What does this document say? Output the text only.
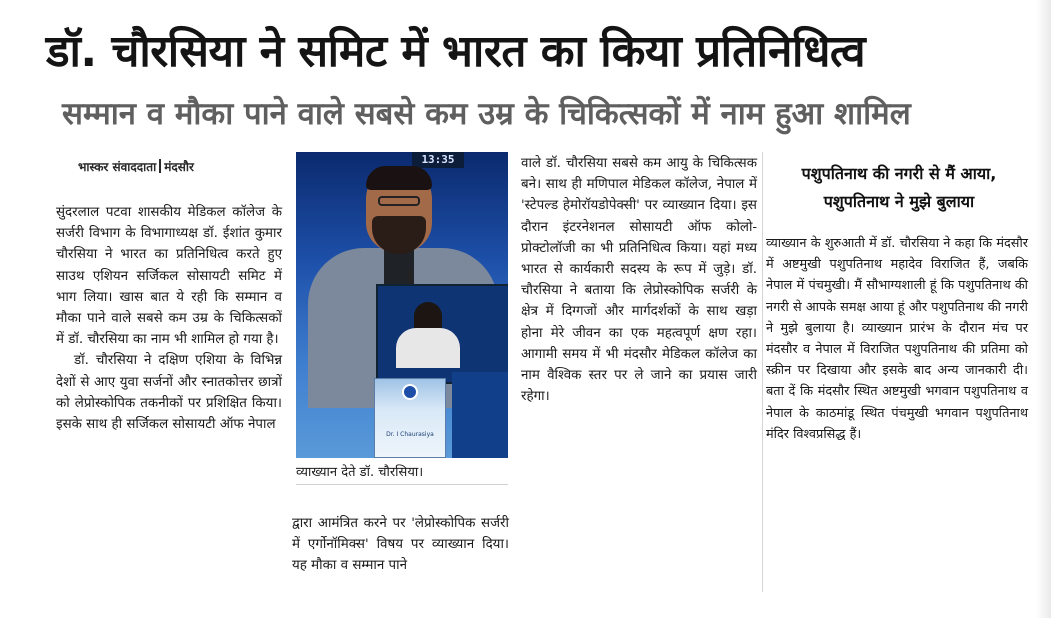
डॉ. चौरसिया ने समिट में भारत का किया प्रतिनिधित्व
सम्मान व मौका पाने वाले सबसे कम उम्र के चिकित्सकों में नाम हुआ शामिल
भास्कर संवाददाता मंदसौर

सुंदरलाल पटवा शासकीय मेडिकल कॉलेज के सर्जरी विभाग के विभागाध्यक्ष डॉ. ईशांत कुमार चौरसिया ने भारत का प्रतिनिधित्व करते हुए साउथ एशियन सर्जिकल सोसायटी समिट में भाग लिया। खास बात ये रही कि सम्मान व मौका पाने वाले सबसे कम उम्र के चिकित्सकों में डॉ. चौरसिया का नाम भी शामिल हो गया है।

डॉ. चौरसिया ने दक्षिण एशिया के विभिन्न देशों से आए युवा सर्जनों और स्नातकोत्तर छात्रों को लेप्रोस्कोपिक तकनीकों पर प्रशिक्षित किया। इसके साथ ही सर्जिकल सोसायटी ऑफ नेपाल

13:35
Dr. I Chaurasiya
व्याख्यान देते डॉ. चौरसिया।

द्वारा आमंत्रित करने पर 'लेप्रोस्कोपिक सर्जरी में एर्गोनॉमिक्स' विषय पर व्याख्यान दिया। यह मौका व सम्मान पाने

वाले डॉ. चौरसिया सबसे कम आयु के चिकित्सक बने। साथ ही मणिपाल मेडिकल कॉलेज, नेपाल में 'स्टेपल्ड हेमोरॉयडोपेक्सी' पर व्याख्यान दिया। इस दौरान इंटरनेशनल सोसायटी ऑफ कोलो-प्रोक्टोलॉजी का भी प्रतिनिधित्व किया। यहां मध्य भारत से कार्यकारी सदस्य के रूप में जुड़े। डॉ. चौरसिया ने बताया कि लेप्रोस्कोपिक सर्जरी के क्षेत्र में दिग्गजों और मार्गदर्शकों के साथ खड़ा होना मेरे जीवन का एक महत्वपूर्ण क्षण रहा। आगामी समय में भी मंदसौर मेडिकल कॉलेज का नाम वैश्विक स्तर पर ले जाने का प्रयास जारी रहेगा।

पशुपतिनाथ की नगरी से मैं आया, पशुपतिनाथ ने मुझे बुलाया

व्याख्यान के शुरुआती में डॉ. चौरसिया ने कहा कि मंदसौर में अष्टमुखी पशुपतिनाथ महादेव विराजित हैं, जबकि नेपाल में पंचमुखी। मैं सौभाग्यशाली हूं कि पशुपतिनाथ की नगरी से आपके समक्ष आया हूं और पशुपतिनाथ की नगरी ने मुझे बुलाया है। व्याख्यान प्रारंभ के दौरान मंच पर मंदसौर व नेपाल में विराजित पशुपतिनाथ की प्रतिमा को स्क्रीन पर दिखाया और इसके बाद अन्य जानकारी दी। बता दें कि मंदसौर स्थित अष्टमुखी भगवान पशुपतिनाथ व नेपाल के काठमांडू स्थित पंचमुखी भगवान पशुपतिनाथ मंदिर विश्वप्रसिद्ध हैं।
